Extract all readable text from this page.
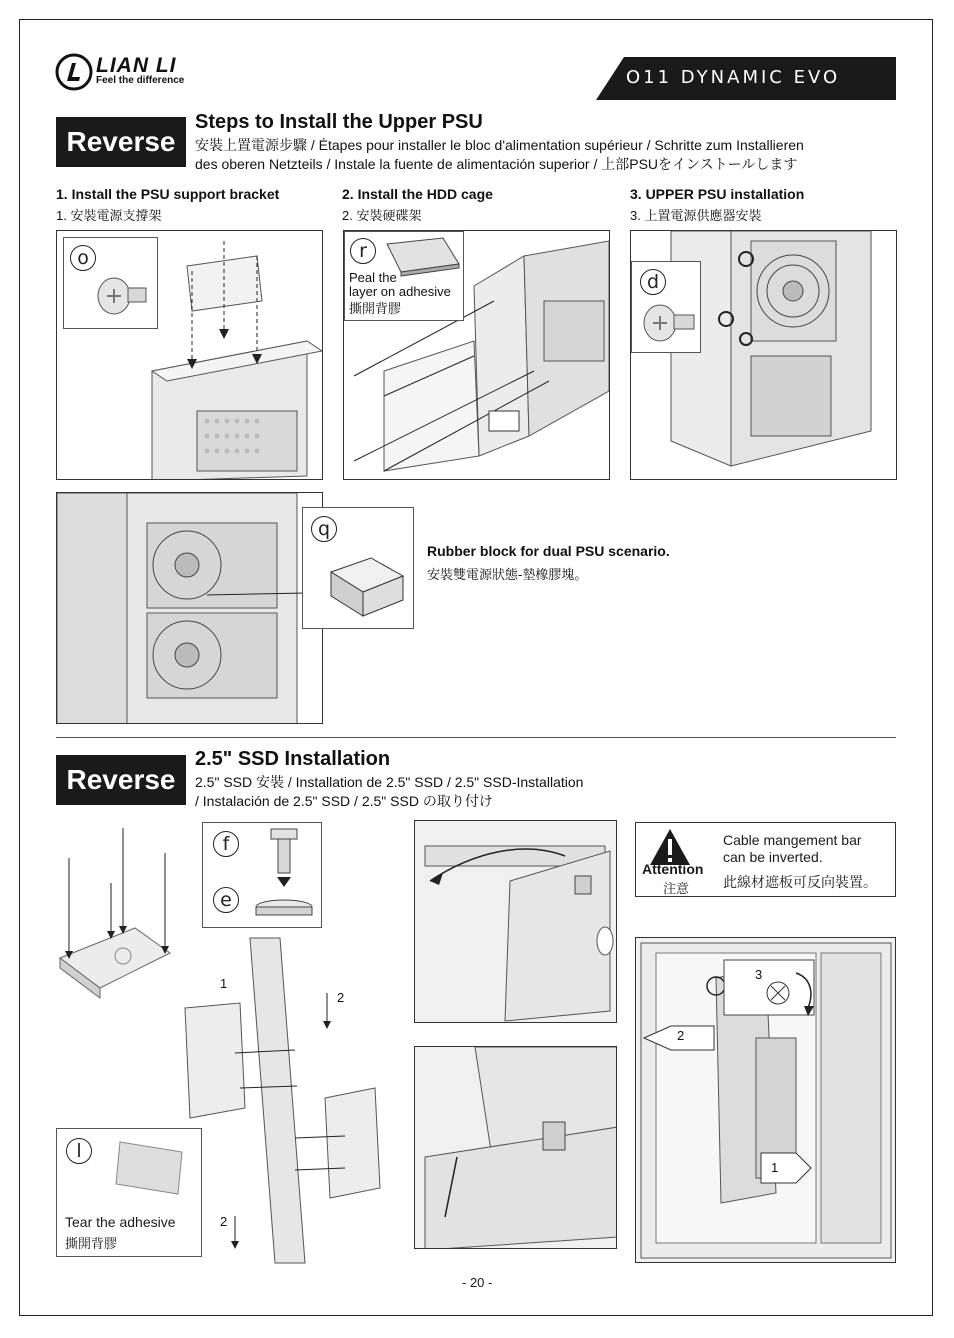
LIAN LI
Feel the difference	O11 DYNAMIC EVO
Reverse
Steps to Install the Upper PSU
安裝上置電源步驟 / Étapes pour installer le bloc d'alimentation supérieur / Schritte zum Installieren
des oberen Netzteils / Instale la fuente de alimentación superior / 上部PSUをインストールします
1. Install the PSU support bracket
1. 安裝電源支撐架
2. Install the HDD cage
2. 安裝硬碟架
3. UPPER PSU installation
3. 上置電源供應器安裝
o	r
Peal the
layer on adhesive
撕開背膠
d
q
Rubber block for dual PSU scenario.
安裝雙電源狀態-墊橡膠塊。
Reverse
2.5" SSD Installation
2.5" SSD 安裝 / Installation de 2.5" SSD / 2.5" SSD-Installation
/ Instalación de 2.5" SSD / 2.5" SSD の取り付け
1
2
2
f
e
l
Tear the adhesive
撕開背膠
Attention
注意
Cable mangement bar
can be inverted.
此線材遮板可反向裝置。
3
2
1
- 20 -
